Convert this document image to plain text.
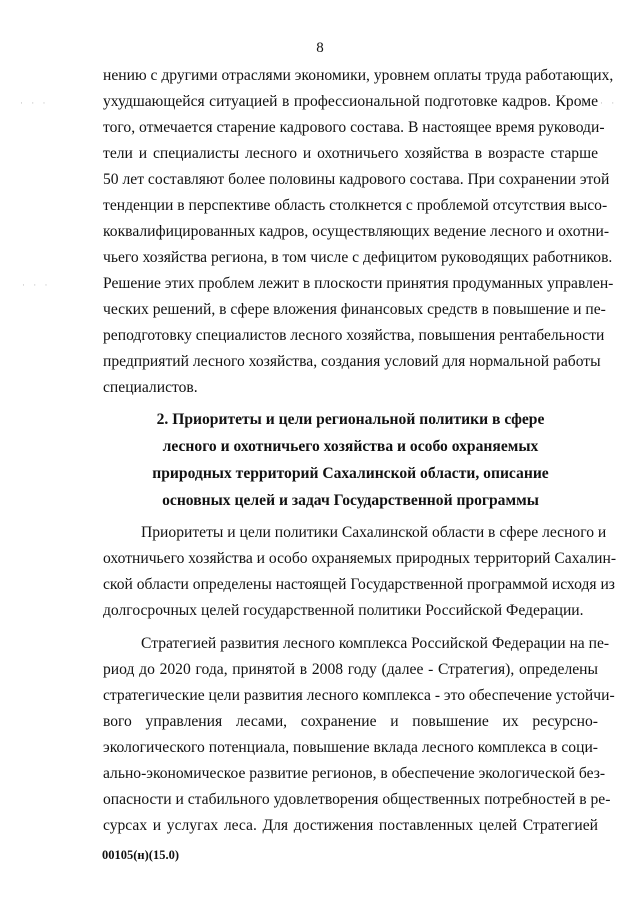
8
нению с другими отраслями экономики, уровнем оплаты труда работающих,
ухудшающейся ситуацией в профессиональной подготовке кадров. Кроме
того, отмечается старение кадрового состава. В настоящее время руководи-
тели и специалисты лесного и охотничьего хозяйства в возрасте старше
50 лет составляют более половины кадрового состава. При сохранении этой
тенденции в перспективе область столкнется с проблемой отсутствия высо-
коквалифицированных кадров, осуществляющих ведение лесного и охотни-
чьего хозяйства региона, в том числе с дефицитом руководящих работников.
Решение этих проблем лежит в плоскости принятия продуманных управлен-
ческих решений, в сфере вложения финансовых средств в повышение и пе-
реподготовку специалистов лесного хозяйства, повышения рентабельности
предприятий лесного хозяйства, создания условий для нормальной работы
специалистов.
2. Приоритеты и цели региональной политики в сфере
лесного и охотничьего хозяйства и особо охраняемых
природных территорий Сахалинской области, описание
основных целей и задач Государственной программы
Приоритеты и цели политики Сахалинской области в сфере лесного и
охотничьего хозяйства и особо охраняемых природных территорий Сахалин-
ской области определены настоящей Государственной программой исходя из
долгосрочных целей государственной политики Российской Федерации.
Стратегией развития лесного комплекса Российской Федерации на пе-
риод до 2020 года, принятой в 2008 году (далее - Стратегия), определены
стратегические цели развития лесного комплекса - это обеспечение устойчи-
вого управления лесами, сохранение и повышение их ресурсно-
экологического потенциала, повышение вклада лесного комплекса в соци-
ально-экономическое развитие регионов, в обеспечение экологической без-
опасности и стабильного удовлетворения общественных потребностей в ре-
сурсах и услугах леса. Для достижения поставленных целей Стратегией
· · ·	· ·
· · ·
00105(н)(15.0)
